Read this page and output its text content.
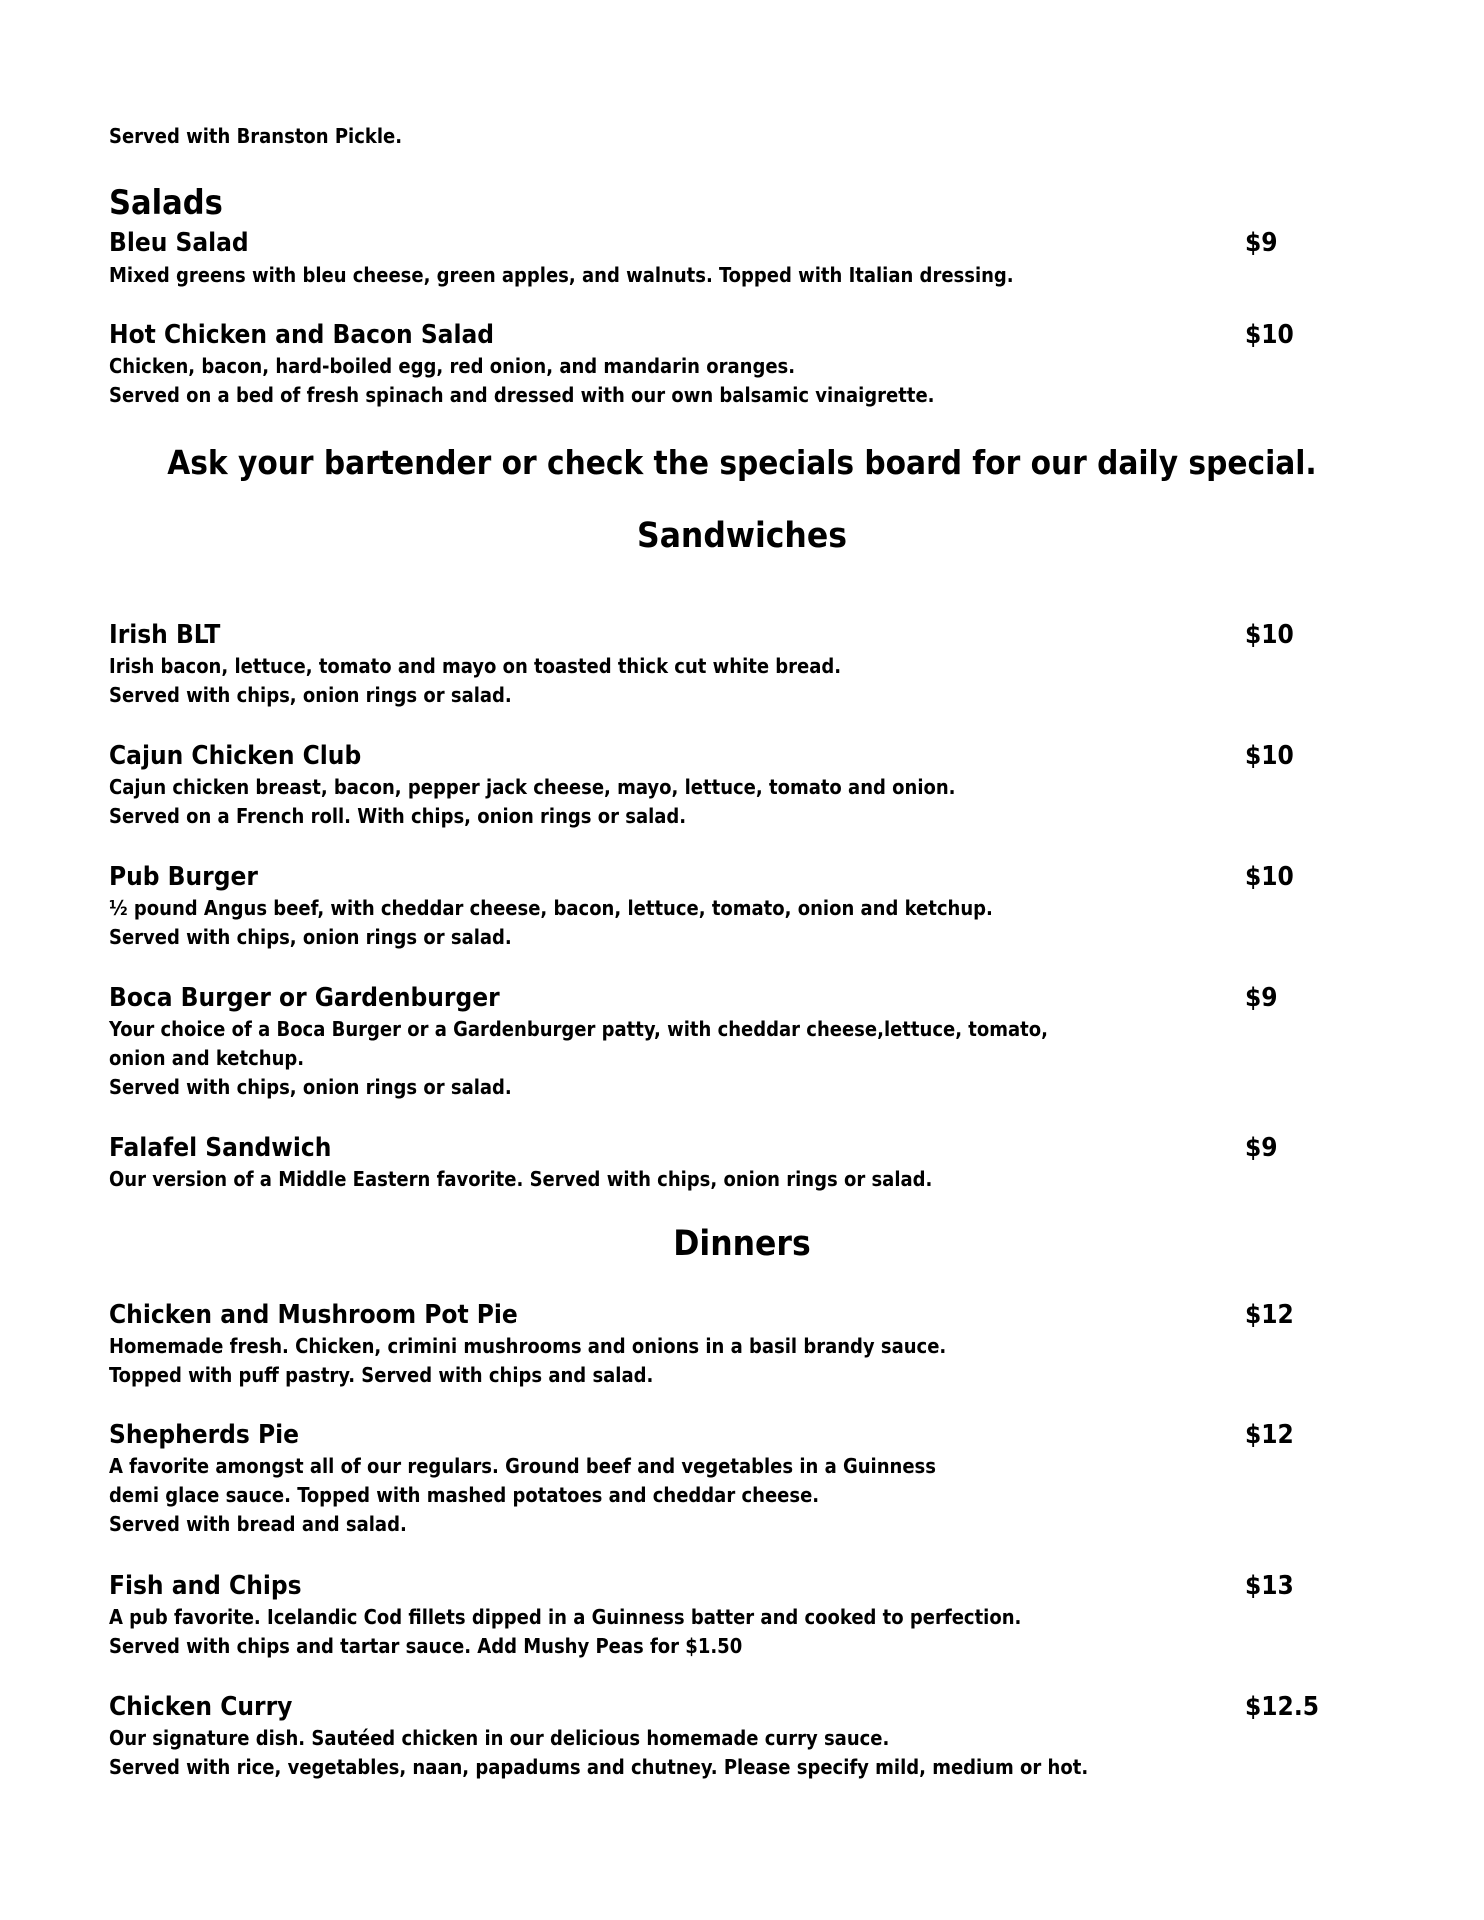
Served with Branston Pickle.
Salads
Bleu Salad	$9
Mixed greens with bleu cheese, green apples, and walnuts. Topped with Italian dressing.
Hot Chicken and Bacon Salad	$10
Chicken, bacon, hard-boiled egg, red onion, and mandarin oranges.
Served on a bed of fresh spinach and dressed with our own balsamic vinaigrette.
Ask your bartender or check the specials board for our daily special.
Sandwiches
Irish BLT	$10
Irish bacon, lettuce, tomato and mayo on toasted thick cut white bread.
Served with chips, onion rings or salad.
Cajun Chicken Club	$10
Cajun chicken breast, bacon, pepper jack cheese, mayo, lettuce, tomato and onion.
Served on a French roll. With chips, onion rings or salad.
Pub Burger	$10
½ pound Angus beef, with cheddar cheese, bacon, lettuce, tomato, onion and ketchup.
Served with chips, onion rings or salad.
Boca Burger or Gardenburger	$9
Your choice of a Boca Burger or a Gardenburger patty, with cheddar cheese,lettuce, tomato,
onion and ketchup.
Served with chips, onion rings or salad.
Falafel Sandwich	$9
Our version of a Middle Eastern favorite. Served with chips, onion rings or salad.
Dinners
Chicken and Mushroom Pot Pie	$12
Homemade fresh. Chicken, crimini mushrooms and onions in a basil brandy sauce.
Topped with puff pastry. Served with chips and salad.
Shepherds Pie	$12
A favorite amongst all of our regulars. Ground beef and vegetables in a Guinness
demi glace sauce. Topped with mashed potatoes and cheddar cheese.
Served with bread and salad.
Fish and Chips	$13
A pub favorite. Icelandic Cod fillets dipped in a Guinness batter and cooked to perfection.
Served with chips and tartar sauce. Add Mushy Peas for $1.50
Chicken Curry	$12.5
Our signature dish. Sautéed chicken in our delicious homemade curry sauce.
Served with rice, vegetables, naan, papadums and chutney. Please specify mild, medium or hot.
